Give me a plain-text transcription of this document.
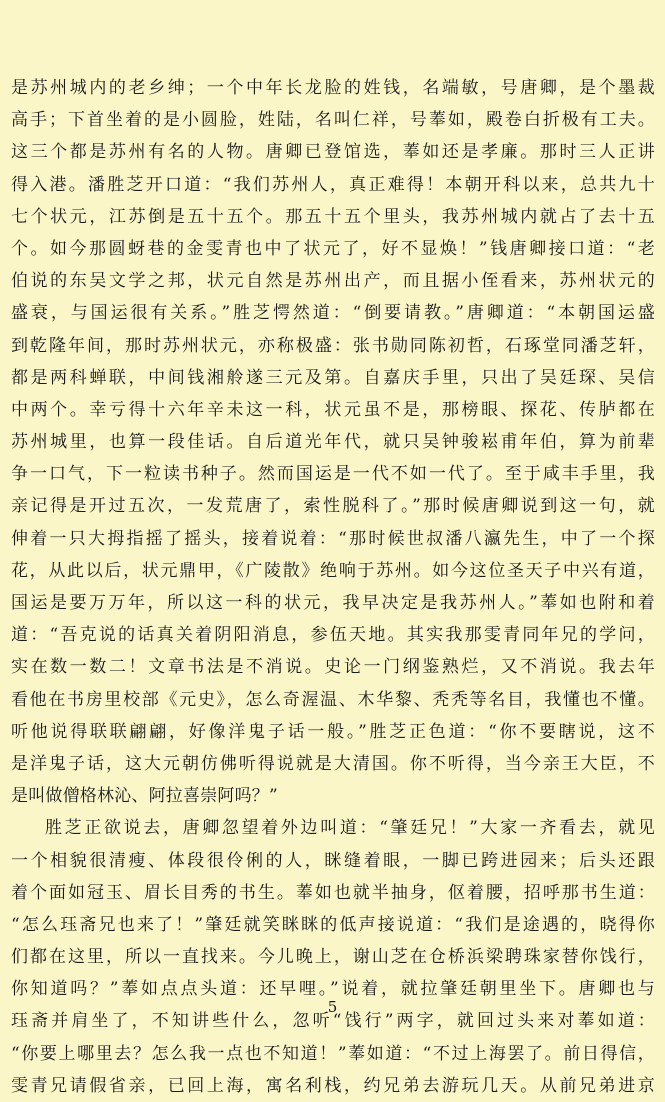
是苏州城内的老乡绅；一个中年长龙脸的姓钱，名端敏，号唐卿，是个墨裁
高手；下首坐着的是小圆脸，姓陆，名叫仁祥，号菶如，殿卷白折极有工夫。
这三个都是苏州有名的人物。唐卿已登馆选，菶如还是孝廉。那时三人正讲
得入港。潘胜芝开口道：“我们苏州人，真正难得！本朝开科以来，总共九十
七个状元，江苏倒是五十五个。那五十五个里头，我苏州城内就占了去十五
个。如今那圆蚜巷的金雯青也中了状元了，好不显焕！”钱唐卿接口道：“老
伯说的东吴文学之邦，状元自然是苏州出产，而且据小侄看来，苏州状元的
盛衰，与国运很有关系。”胜芝愕然道：“倒要请教。”唐卿道：“本朝国运盛
到乾隆年间，那时苏州状元，亦称极盛：张书勋同陈初哲，石琢堂同潘芝轩，
都是两科蝉联，中间钱湘舲遂三元及第。自嘉庆手里，只出了吴廷琛、吴信
中两个。幸亏得十六年辛未这一科，状元虽不是，那榜眼、探花、传胪都在
苏州城里，也算一段佳话。自后道光年代，就只吴钟骏崧甫年伯，算为前辈
争一口气，下一粒读书种子。然而国运是一代不如一代了。至于咸丰手里，我
亲记得是开过五次，一发荒唐了，索性脱科了。”那时候唐卿说到这一句，就
伸着一只大拇指摇了摇头，接着说着：“那时候世叔潘八瀛先生，中了一个探
花，从此以后，状元鼎甲，《广陵散》绝响于苏州。如今这位圣天子中兴有道，
国运是要万万年，所以这一科的状元，我早决定是我苏州人。”菶如也附和着
道：“吾克说的话真关着阴阳消息，参伍天地。其实我那雯青同年兄的学问，
实在数一数二！文章书法是不消说。史论一门纲鉴熟烂，又不消说。我去年
看他在书房里校部《元史》，怎么奇渥温、木华黎、秃秃等名目，我懂也不懂。
听他说得联联翩翩，好像洋鬼子话一般。”胜芝正色道：“你不要瞎说，这不
是洋鬼子话，这大元朝仿佛听得说就是大清国。你不听得，当今亲王大臣，不
是叫做僧格林沁、阿拉喜崇阿吗？”
胜芝正欲说去，唐卿忽望着外边叫道：“肇廷兄！”大家一齐看去，就见
一个相貌很清瘦、体段很伶俐的人，眯缝着眼，一脚已跨进园来；后头还跟
着个面如冠玉、眉长目秀的书生。菶如也就半抽身，伛着腰，招呼那书生道：
“怎么珏斋兄也来了！”肇廷就笑眯眯的低声接说道：“我们是途遇的，晓得你
们都在这里，所以一直找来。今儿晚上，谢山芝在仓桥浜梁聘珠家替你饯行，
你知道吗？”菶如点点头道：还早哩。”说着，就拉肇廷朝里坐下。唐卿也与
珏斋并肩坐了，不知讲些什么，忽听“饯行”两字，就回过头来对菶如道：
“你要上哪里去？怎么我一点也不知道！”菶如道：“不过上海罢了。前日得信，
雯青兄请假省亲，已回上海，寓名利栈，约兄弟去游玩几天。从前兄弟进京
5
